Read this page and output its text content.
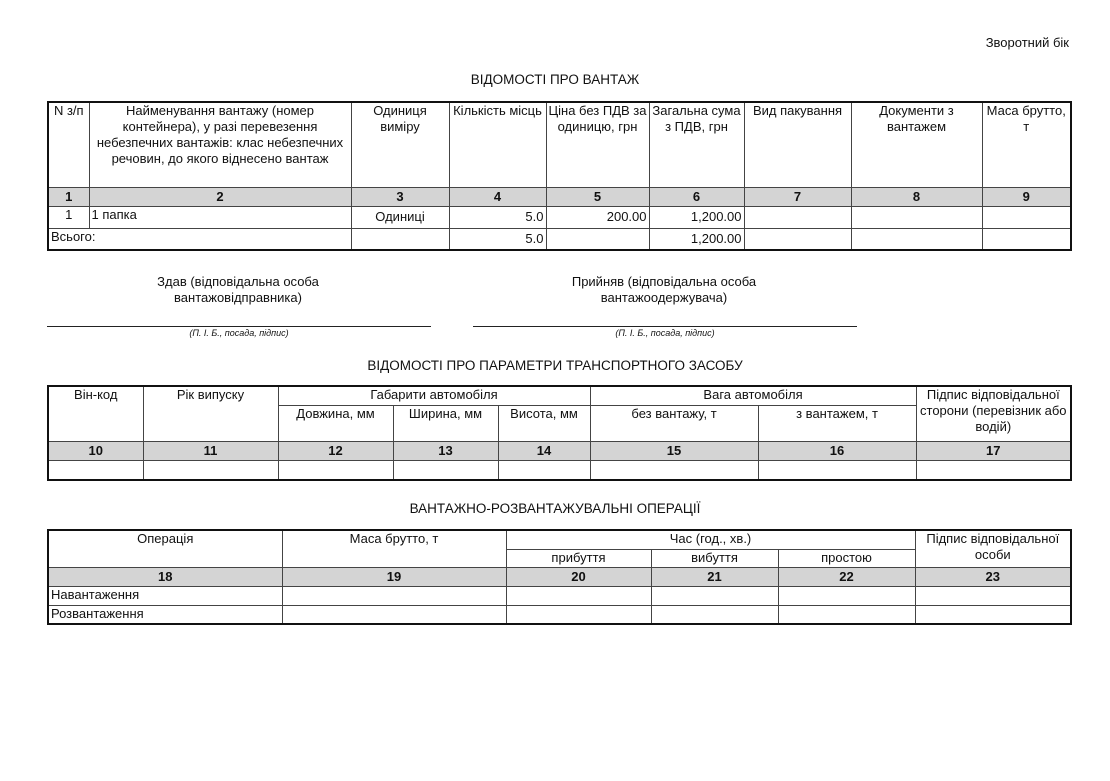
Зворотний бік
ВІДОМОСТІ ПРО ВАНТАЖ
N з/п	Найменування вантажу (номер контейнера), у разі перевезення небезпечних вантажів: клас небезпечних речовин, до якого віднесено вантаж	Одиниця виміру	Кількість місць	Ціна без ПДВ за одиницю, грн	Загальна сума з ПДВ, грн	Вид пакування	Документи з вантажем	Маса брутто, т
1	2	3	4	5	6	7	8	9
1	1 папка	Одиниці	5.0	200.00	1,200.00			
Всього:			5.0		1,200.00			
Здав (відповідальна особа вантажовідправника)
(П. І. Б., посада, підпис)
Прийняв (відповідальна особа вантажоодержувача)
(П. І. Б., посада, підпис)
ВІДОМОСТІ ПРО ПАРАМЕТРИ ТРАНСПОРТНОГО ЗАСОБУ
Він-код	Рік випуску	Габарити автомобіля			Вага автомобіля		Підпис відповідальної сторони (перевізник або водій)
		Довжина, мм	Ширина, мм	Висота, мм	без вантажу, т	з вантажем, т	
10	11	12	13	14	15	16	17

ВАНТАЖНО-РОЗВАНТАЖУВАЛЬНІ ОПЕРАЦІЇ
Операція	Маса брутто, т	Час (год., хв.)			Підпис відповідальної особи
		прибуття	вибуття	простою	
18	19	20	21	22	23
Навантаження					
Розвантаження					
